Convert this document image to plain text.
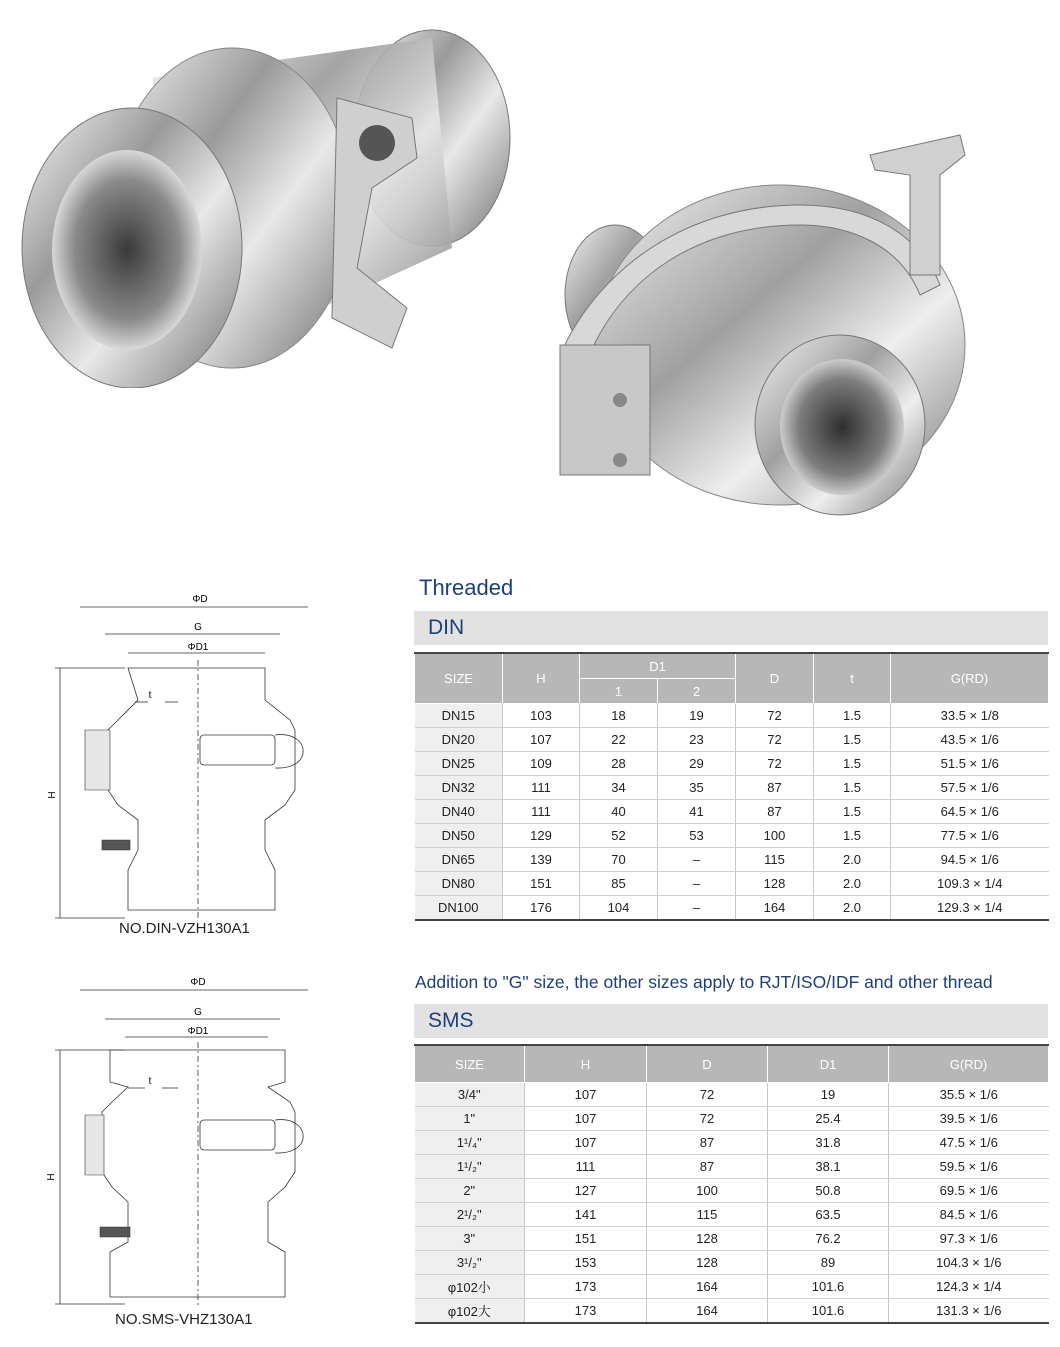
ΦD
G
ΦD1
t
H
NO.DIN-VZH130A1
ΦD
G
ΦD1
t
H
NO.SMS-VHZ130A1
Threaded
DIN
SIZE	H	D1		D	t	G(RD)
		1	2			
DN15	103	18	19	72	1.5	33.5 × 1/8
DN20	107	22	23	72	1.5	43.5 × 1/6
DN25	109	28	29	72	1.5	51.5 × 1/6
DN32	111	34	35	87	1.5	57.5 × 1/6
DN40	111	40	41	87	1.5	64.5 × 1/6
DN50	129	52	53	100	1.5	77.5 × 1/6
DN65	139	70	–	115	2.0	94.5 × 1/6
DN80	151	85	–	128	2.0	109.3 × 1/4
DN100	176	104	–	164	2.0	129.3 × 1/4
Addition to "G" size, the other sizes apply to RJT/ISO/IDF and other thread
SMS
SIZE	H	D	D1	G(RD)
3/4"	107	72	19	35.5 × 1/6
1"	107	72	25.4	39.5 × 1/6
1¹/₄"	107	87	31.8	47.5 × 1/6
1¹/₂"	111	87	38.1	59.5 × 1/6
2"	127	100	50.8	69.5 × 1/6
2¹/₂"	141	115	63.5	84.5 × 1/6
3"	151	128	76.2	97.3 × 1/6
3¹/₂"	153	128	89	104.3 × 1/6
φ102小	173	164	101.6	124.3 × 1/4
φ102大	173	164	101.6	131.3 × 1/6
